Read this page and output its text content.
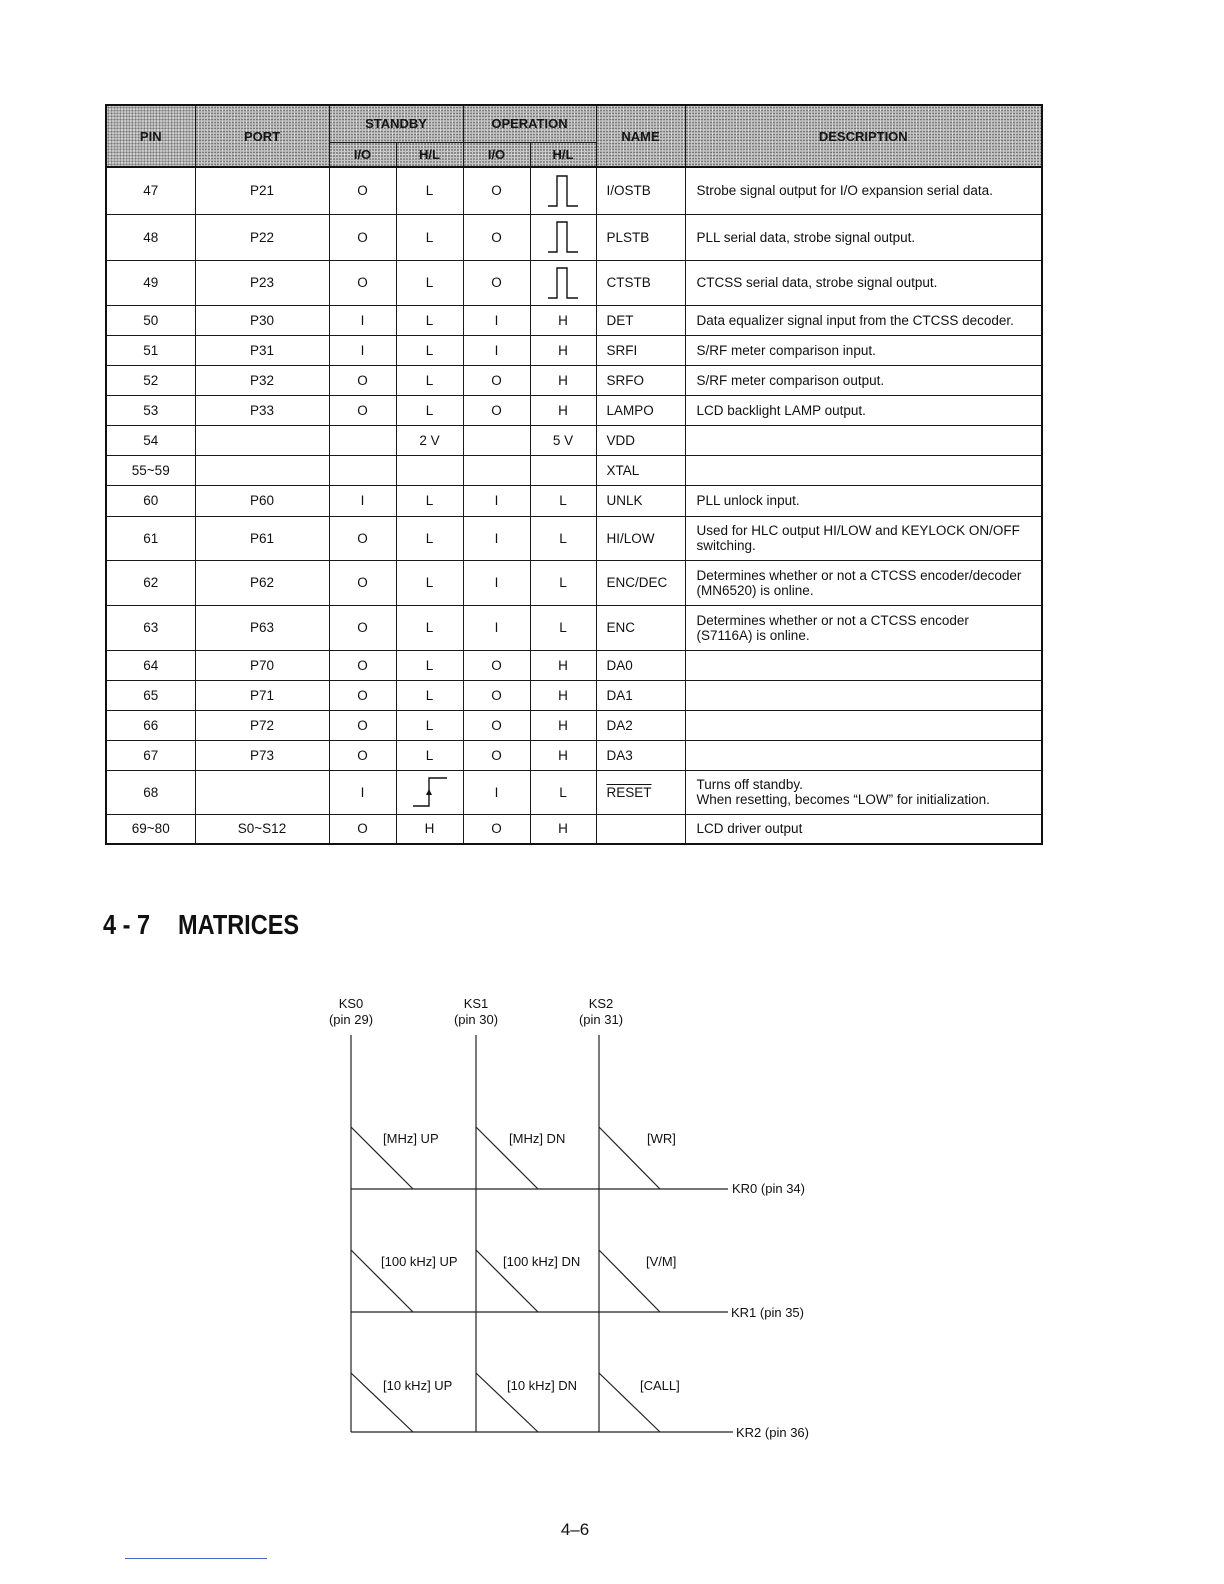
PIN	PORT	STANDBY		OPERATION		NAME	DESCRIPTION
		I/O	H/L	I/O	H/L		
47	P21	O	L	O		I/OSTB	Strobe signal output for I/O expansion serial data.
48	P22	O	L	O		PLSTB	PLL serial data, strobe signal output.
49	P23	O	L	O		CTSTB	CTCSS serial data, strobe signal output.
50	P30	I	L	I	H	DET	Data equalizer signal input from the CTCSS decoder.
51	P31	I	L	I	H	SRFI	S/RF meter comparison input.
52	P32	O	L	O	H	SRFO	S/RF meter comparison output.
53	P33	O	L	O	H	LAMPO	LCD backlight LAMP output.
54			2 V		5 V	VDD	
55~59						XTAL	
60	P60	I	L	I	L	UNLK	PLL unlock input.
61	P61	O	L	I	L	HI/LOW	Used for HLC output HI/LOW and KEYLOCK ON/OFF
switching.
62	P62	O	L	I	L	ENC/DEC	Determines whether or not a CTCSS encoder/decoder
(MN6520) is online.
63	P63	O	L	I	L	ENC	Determines whether or not a CTCSS encoder
(S7116A) is online.
64	P70	O	L	O	H	DA0	
65	P71	O	L	O	H	DA1	
66	P72	O	L	O	H	DA2	
67	P73	O	L	O	H	DA3	
68		I		I	L	RESET	Turns off standby.
When resetting, becomes “LOW” for initialization.
69~80	S0~S12	O	H	O	H		LCD driver output
4 - 7 MATRICES
KS0
(pin 29)
KS1
(pin 30)
KS2
(pin 31)
[MHz] UP	[MHz] DN	[WR]
[100 kHz] UP	[100 kHz] DN	[V/M]
[10 kHz] UP	[10 kHz] DN	[CALL]
KR0 (pin 34)
KR1 (pin 35)
KR2 (pin 36)
4–6
